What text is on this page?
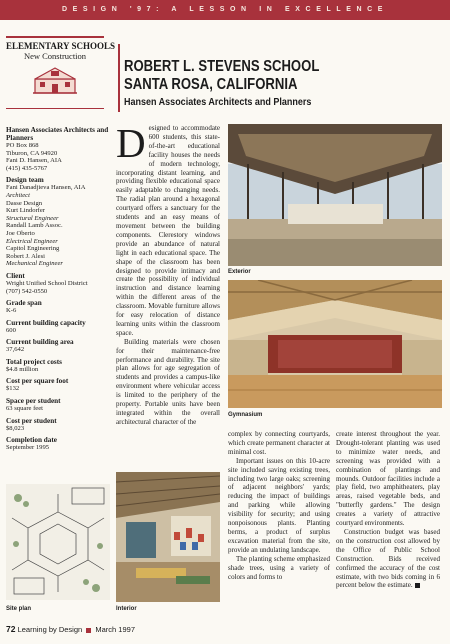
DESIGN '97: A LESSON IN EXCELLENCE
ELEMENTARY SCHOOLS
New Construction
ROBERT L. STEVENS SCHOOL
SANTA ROSA, CALIFORNIA
Hansen Associates Architects and Planners
Hansen Associates Architects and Planners
PO Box 868
Tiburon, CA 94920
Fani D. Hansen, AIA
(415) 435-5767
Design team
Fani Danadjieva Hansen, AIA
Architect
Dasse Design
Kurt Lindorfer
Structural Engineer
Randall Lamb Assoc.
Joe Oberto
Electrical Engineer
Capitol Engineering
Robert J. Alesi
Mechanical Engineer
Client
Wright Unified School District
(707) 542-0550
Grade span
K-6
Current building capacity
600
Current building area
37,642
Total project costs
$4.8 million
Cost per square foot
$132
Space per student
63 square feet
Cost per student
$8,023
Completion date
September 1995

Designed to accommodate 600 students, this state-of-the-art educational facility houses the needs of modern technology, incorporating distant learning, and providing flexible educational space easily adaptable to changing needs. The radial plan around a hexagonal courtyard offers a sanctuary for the students and an easy means of movement between the building components. Clerestory windows provide an abundance of natural light in each educational space. The shape of the classroom has been designed to provide intimacy and create the possibility of individual instruction and distance learning within the different areas of the classroom. Movable furniture allows for easy relocation of distance learning units within the classroom space.

Building materials were chosen for their maintenance-free performance and durability. The site plan allows for age segregation of students and provides a campus-like environment where vehicular access is limited to the periphery of the property. Portable units have been integrated within the overall architectural character of the

complex by connecting courtyards, which create permanent character at minimal cost.

Important issues on this 10-acre site included saving existing trees, including two large oaks; screening of adjacent neighbors' yards; reducing the impact of buildings and parking while allowing visibility for security; and using nonpoisonous plants. Planting berms, a product of surplus excavation material from the site, provide an undulating landscape.

The planting scheme emphasized shade trees, using a variety of colors and forms to

create interest throughout the year. Drought-tolerant planting was used to minimize water needs, and screening was provided with a combination of plantings and mounds. Outdoor facilities include a play field, two amphitheaters, play areas, raised vegetable beds, and "butterfly gardens." The design creates a variety of attractive courtyard environments.

Construction budget was based on the construction cost allowed by the Office of Public School Construction. Bids received confirmed the accuracy of the cost estimate, with two bids coming in 6 percent below the estimate.

Exterior
Gymnasium
Site plan	Interior
72 Learning by Design March 1997
